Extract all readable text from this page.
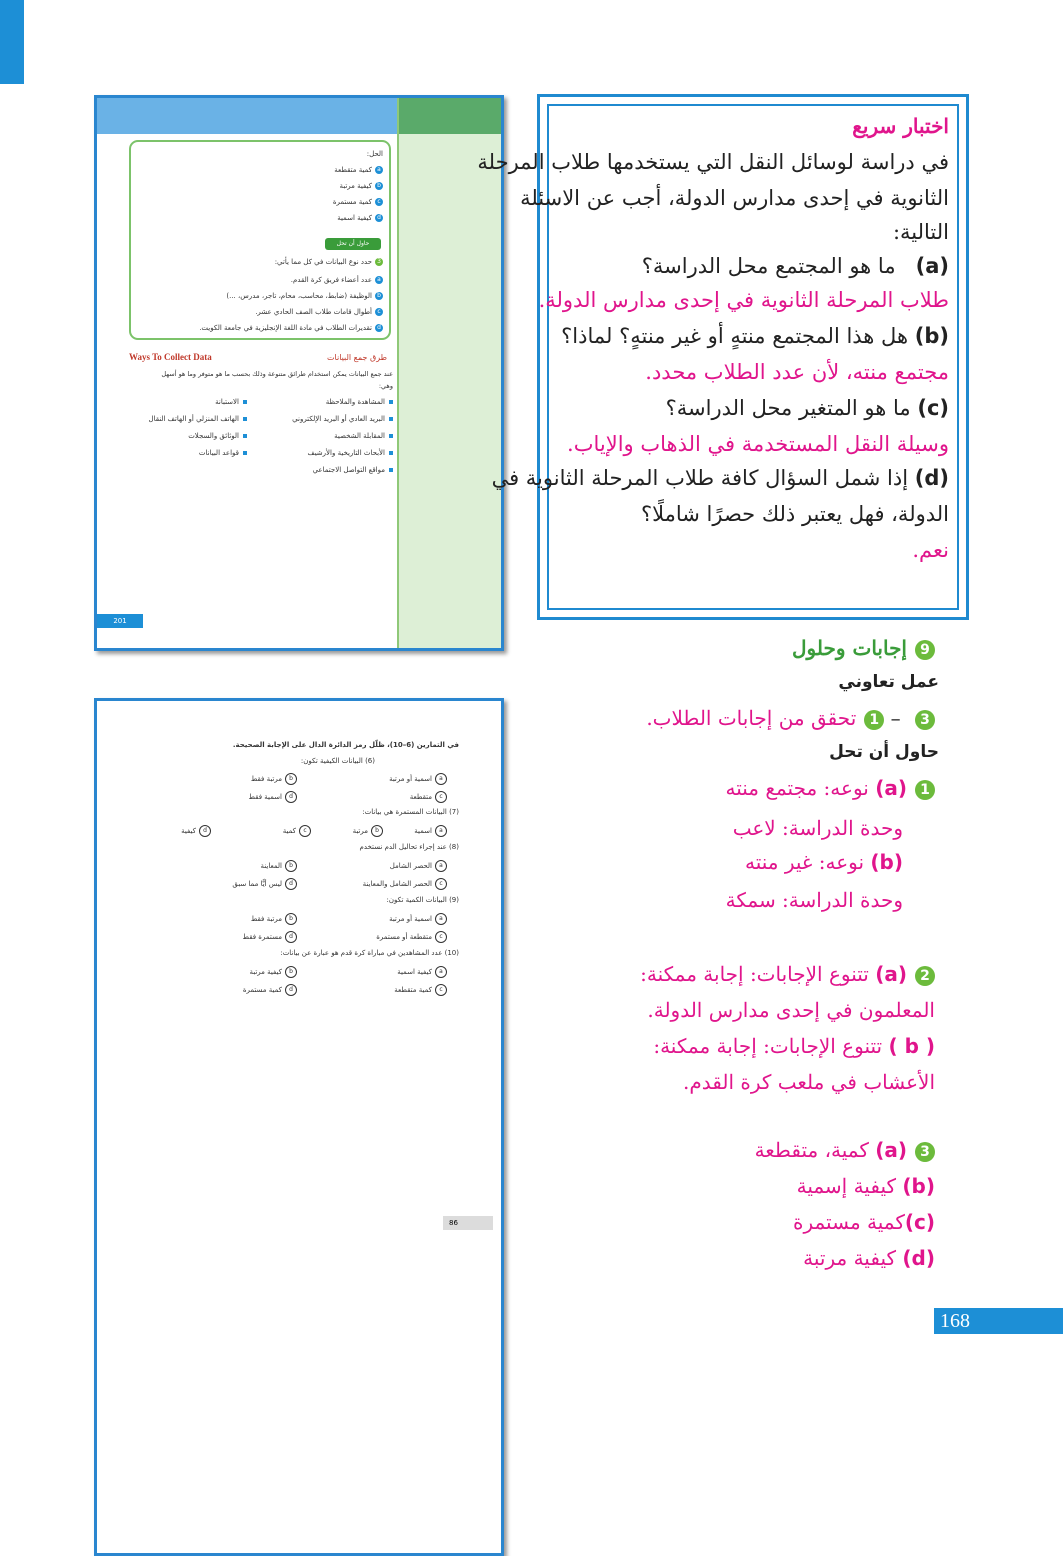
الحل:
aكمية متقطعة
bكيفية مرتبة
cكمية مستمرة
dكيفية اسمية
حاول أن تحل
3حدد نوع البيانات في كل مما يأتي:
aعدد أعضاء فريق كرة القدم.
bالوظيفة (ضابط، محاسب، محام، تاجر، مدرس، ...)
cأطوال قامات طلاب الصف الحادي عشر.
dتقديرات الطلاب في مادة اللغة الإنجليزية في جامعة الكويت.
Ways To Collect Data	طرق جمع البيانات
عند جمع البيانات يمكن استخدام طرائق متنوعة وذلك بحسب ما هو متوفر وما هو أسهل
وهي:
المشاهدة والملاحظة
البريد العادي أو البريد الإلكتروني
المقابلة الشخصية
الأبحاث التاريخية والأرشيف
مواقع التواصل الاجتماعي
الاستبانة
الهاتف المنزلي أو الهاتف النقال
الوثائق والسجلات
قواعد البيانات
201
في التمارين (6–10)، ظلّل رمز الدائرة الدال على الإجابة الصحيحة.
(6) البيانات الكيفية تكون:
aاسمية أو مرتبة
bمرتبة فقط
cمتقطعة
dاسمية فقط
(7) البيانات المستمرة هي بيانات:
aاسمية
bمرتبة
cكمية
dكيفية
(8) عند إجراء تحاليل الدم نستخدم
aالحصر الشامل
bالمعاينة
cالحصر الشامل والمعاينة
dليس أيًّا مما سبق
(9) البيانات الكمية تكون:
aاسمية أو مرتبة
bمرتبة فقط
cمتقطعة أو مستمرة
dمستمرة فقط
(10) عدد المشاهدين في مباراة كرة قدم هو عبارة عن بيانات:
aكيفية اسمية
bكيفية مرتبة
cكمية متقطعة
dكمية مستمرة
86
اختبار سريع
في دراسة لوسائل النقل التي يستخدمها طلاب المرحلة
الثانوية في إحدى مدارس الدولة، أجب عن الاسئلة
التالية:
(a)   ما هو المجتمع محل الدراسة؟
طلاب المرحلة الثانوية في إحدى مدارس الدولة.
(b) هل هذا المجتمع منتهٍ أو غير منتهٍ؟ لماذا؟
مجتمع منته، لأن عدد الطلاب محدد.
(c) ما هو المتغير محل الدراسة؟
وسيلة النقل المستخدمة في الذهاب والإياب.
(d) إذا شمل السؤال كافة طلاب المرحلة الثانوية في
الدولة، فهل يعتبر ذلك حصرًا شاملًا؟
نعم.
9إجابات وحلول
عمل تعاوني
3 – 1تحقق من إجابات الطلاب.
حاول أن تحل
1(a) نوعه: مجتمع منته
وحدة الدراسة: لاعب
(b) نوعه: غير منته
وحدة الدراسة: سمكة
2(a) تتنوع الإجابات: إجابة ممكنة:
المعلمون في إحدى مدارس الدولة.
( b ) تتنوع الإجابات: إجابة ممكنة:
الأعشاب في ملعب كرة القدم.
3(a) كمية، متقطعة
(b) كيفية إسمية
(c)كمية مستمرة
(d) كيفية مرتبة
168
